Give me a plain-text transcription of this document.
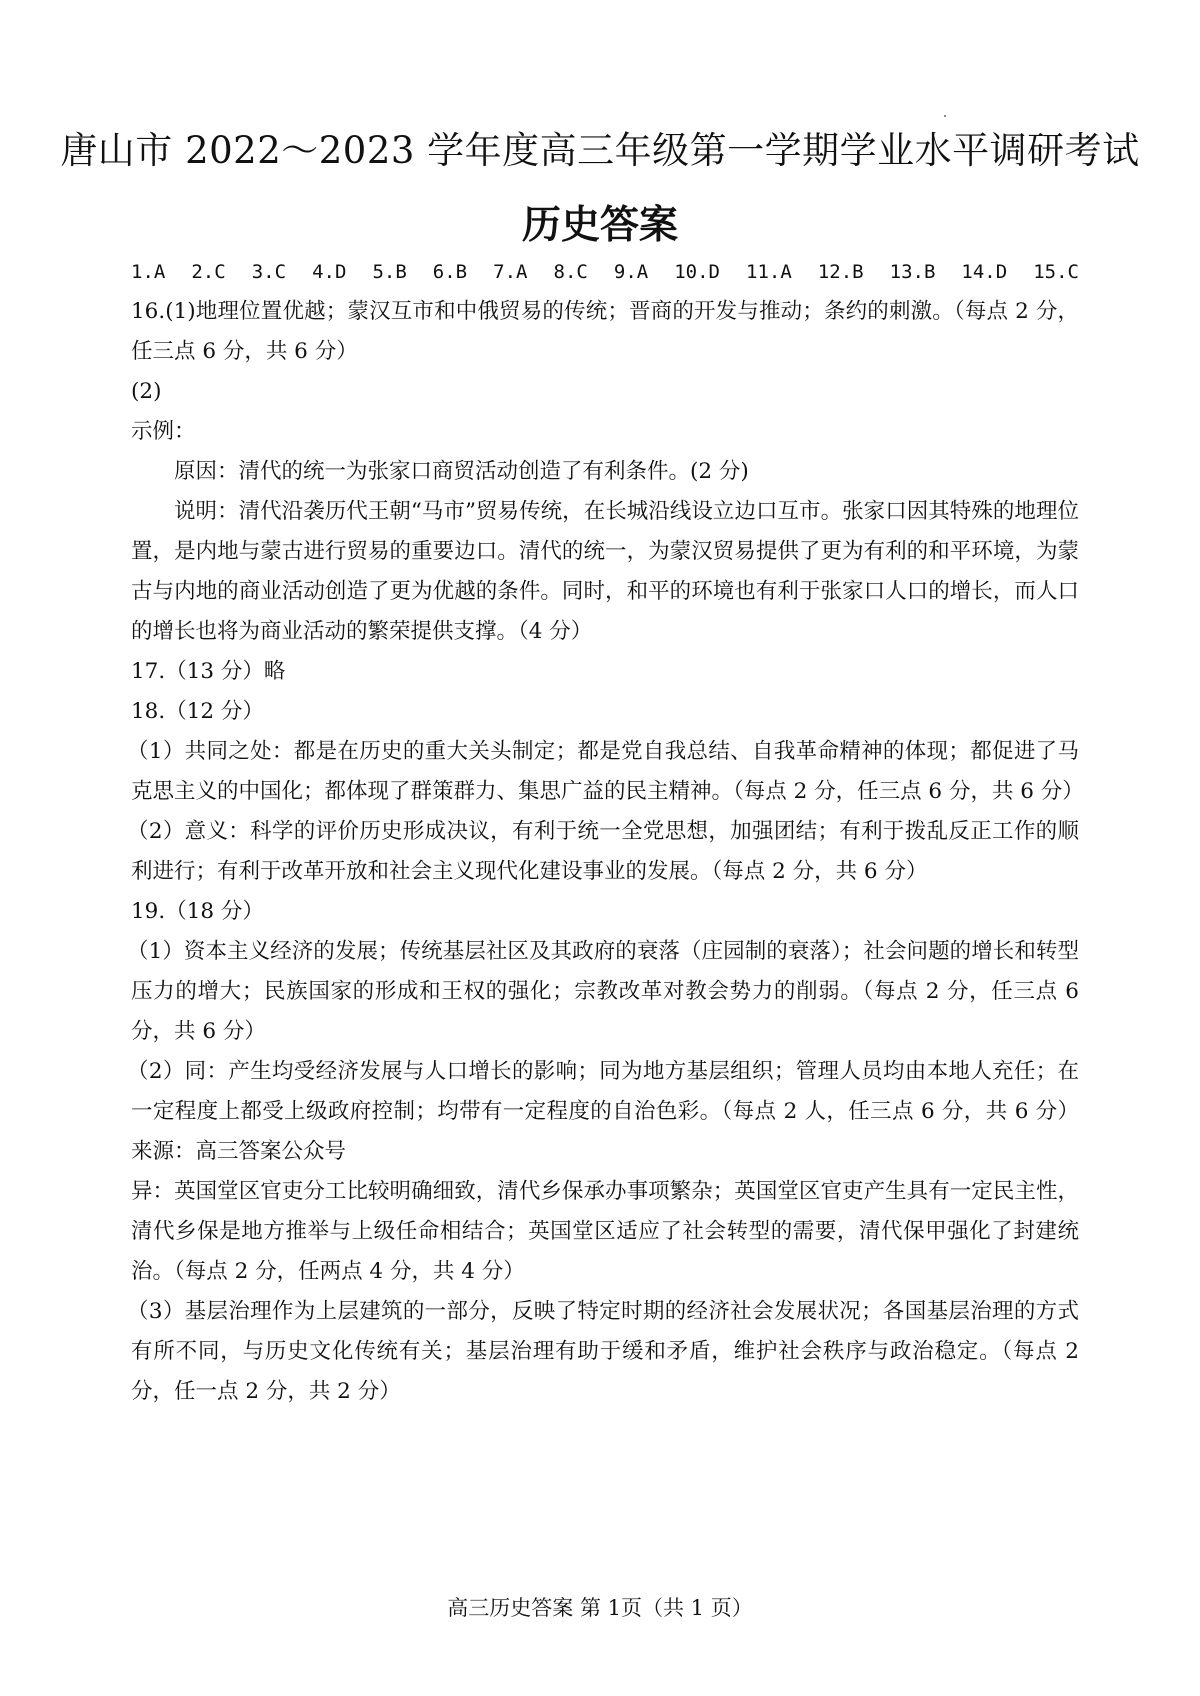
唐山市 2022～2023 学年度高三年级第一学期学业水平调研考试
历史答案
1.A 2.C 3.C 4.D 5.B 6.B 7.A 8.C 9.A 10.D 11.A 12.B 13.B 14.D 15.C
16.(1)地理位置优越；蒙汉互市和中俄贸易的传统；晋商的开发与推动；条约的刺激。（每点 2 分，任三点 6 分，共 6 分）
(2)
示例：
原因：清代的统一为张家口商贸活动创造了有利条件。(2 分)
说明：清代沿袭历代王朝“马市”贸易传统，在长城沿线设立边口互市。张家口因其特殊的地理位置，是内地与蒙古进行贸易的重要边口。清代的统一，为蒙汉贸易提供了更为有利的和平环境，为蒙古与内地的商业活动创造了更为优越的条件。同时，和平的环境也有利于张家口人口的增长，而人口的增长也将为商业活动的繁荣提供支撑。（4 分）
17.（13 分）略
18.（12 分）
（1）共同之处：都是在历史的重大关头制定；都是党自我总结、自我革命精神的体现；都促进了马克思主义的中国化；都体现了群策群力、集思广益的民主精神。（每点 2 分，任三点 6 分，共 6 分）
（2）意义：科学的评价历史形成决议，有利于统一全党思想，加强团结；有利于拨乱反正工作的顺利进行；有利于改革开放和社会主义现代化建设事业的发展。（每点 2 分，共 6 分）
19.（18 分）
（1）资本主义经济的发展；传统基层社区及其政府的衰落（庄园制的衰落）；社会问题的增长和转型压力的增大；民族国家的形成和王权的强化；宗教改革对教会势力的削弱。（每点 2 分，任三点 6 分，共 6 分）
（2）同：产生均受经济发展与人口增长的影响；同为地方基层组织；管理人员均由本地人充任；在一定程度上都受上级政府控制；均带有一定程度的自治色彩。（每点 2 人，任三点 6 分，共 6 分）来源：高三答案公众号
异：英国堂区官吏分工比较明确细致，清代乡保承办事项繁杂；英国堂区官吏产生具有一定民主性，清代乡保是地方推举与上级任命相结合；英国堂区适应了社会转型的需要，清代保甲强化了封建统治。（每点 2 分，任两点 4 分，共 4 分）
（3）基层治理作为上层建筑的一部分，反映了特定时期的经济社会发展状况；各国基层治理的方式有所不同，与历史文化传统有关；基层治理有助于缓和矛盾，维护社会秩序与政治稳定。（每点 2 分，任一点 2 分，共 2 分）
高三历史答案 第 1页（共 1 页）
